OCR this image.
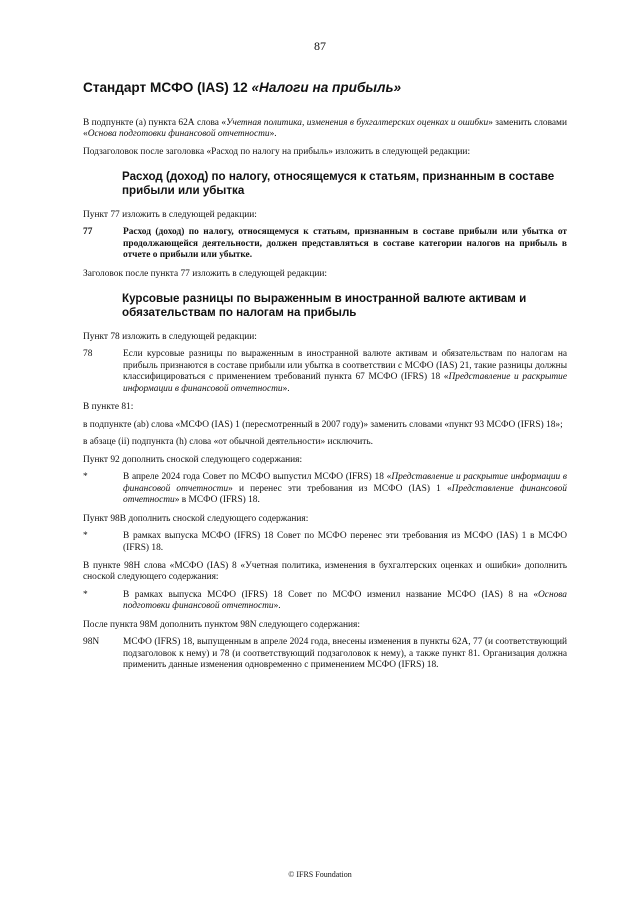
87
Стандарт МСФО (IAS) 12 «Налоги на прибыль»

В подпункте (а) пункта 62А слова «Учетная политика, изменения в бухгалтерских оценках и ошибки» заменить словами «Основа подготовки финансовой отчетности».

Подзаголовок после заголовка «Расход по налогу на прибыль» изложить в следующей редакции:

Расход (доход) по налогу, относящемуся к статьям, признанным в составе прибыли или убытка

Пункт 77 изложить в следующей редакции:

77	Расход (доход) по налогу, относящемуся к статьям, признанным в составе прибыли или убытка от продолжающейся деятельности, должен представляться в составе категории налогов на прибыль в отчете о прибыли или убытке.

Заголовок после пункта 77 изложить в следующей редакции:

Курсовые разницы по выраженным в иностранной валюте активам и обязательствам по налогам на прибыль

Пункт 78 изложить в следующей редакции:

78	Если курсовые разницы по выраженным в иностранной валюте активам и обязательствам по налогам на прибыль признаются в составе прибыли или убытка в соответствии с МСФО (IAS) 21, такие разницы должны классифицироваться с применением требований пункта 67 МСФО (IFRS) 18 «Представление и раскрытие информации в финансовой отчетности».

В пункте 81:

в подпункте (ab) слова «МСФО (IAS) 1 (пересмотренный в 2007 году)» заменить словами «пункт 93 МСФО (IFRS) 18»;

в абзаце (ii) подпункта (h) слова «от обычной деятельности» исключить.

Пункт 92 дополнить сноской следующего содержания:

*	В апреле 2024 года Совет по МСФО выпустил МСФО (IFRS) 18 «Представление и раскрытие информации в финансовой отчетности» и перенес эти требования из МСФО (IAS) 1 «Представление финансовой отчетности» в МСФО (IFRS) 18.

Пункт 98B дополнить сноской следующего содержания:

*	В рамках выпуска МСФО (IFRS) 18 Совет по МСФО перенес эти требования из МСФО (IAS) 1 в МСФО (IFRS) 18.

В пункте 98H слова «МСФО (IAS) 8 «Учетная политика, изменения в бухгалтерских оценках и ошибки» дополнить сноской следующего содержания:

*	В рамках выпуска МСФО (IFRS) 18 Совет по МСФО изменил название МСФО (IAS) 8 на «Основа подготовки финансовой отчетности».

После пункта 98M дополнить пунктом 98N следующего содержания:

98N	МСФО (IFRS) 18, выпущенным в апреле 2024 года, внесены изменения в пункты 62А, 77 (и соответствующий подзаголовок к нему) и 78 (и соответствующий подзаголовок к нему), а также пункт 81. Организация должна применить данные изменения одновременно с применением МСФО (IFRS) 18.
© IFRS Foundation
